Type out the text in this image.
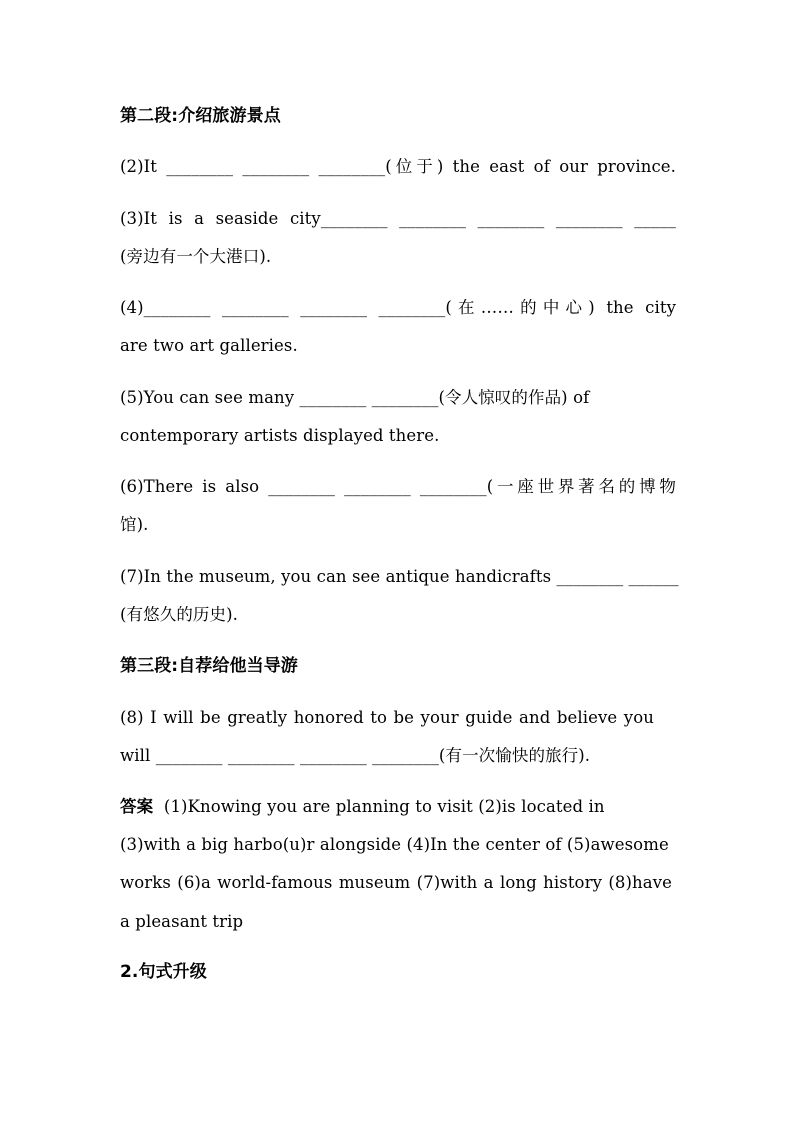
第二段:介绍旅游景点
(2)It ________ ________ ________(位于) the east of our province.
(3)It is a seaside city________ ________ ________ ________ _____
(旁边有一个大港口).
(4)________ ________ ________ ________(在……的中心) the city
are two art galleries.
(5)You can see many ________ ________(令人惊叹的作品) of
contemporary artists displayed there.
(6)There is also ________ ________ ________(一座世界著名的博物
馆).
(7)In the museum, you can see antique handicrafts ________ ______
(有悠久的历史).
第三段:自荐给他当导游
(8) I will be greatly honored to be your guide and believe you
will ________ ________ ________ ________(有一次愉快的旅行).
答案 (1)Knowing you are planning to visit (2)is located in
(3)with a big harbo(u)r alongside (4)In the center of (5)awesome
works (6)a world-famous museum (7)with a long history (8)have
a pleasant trip
2.句式升级
